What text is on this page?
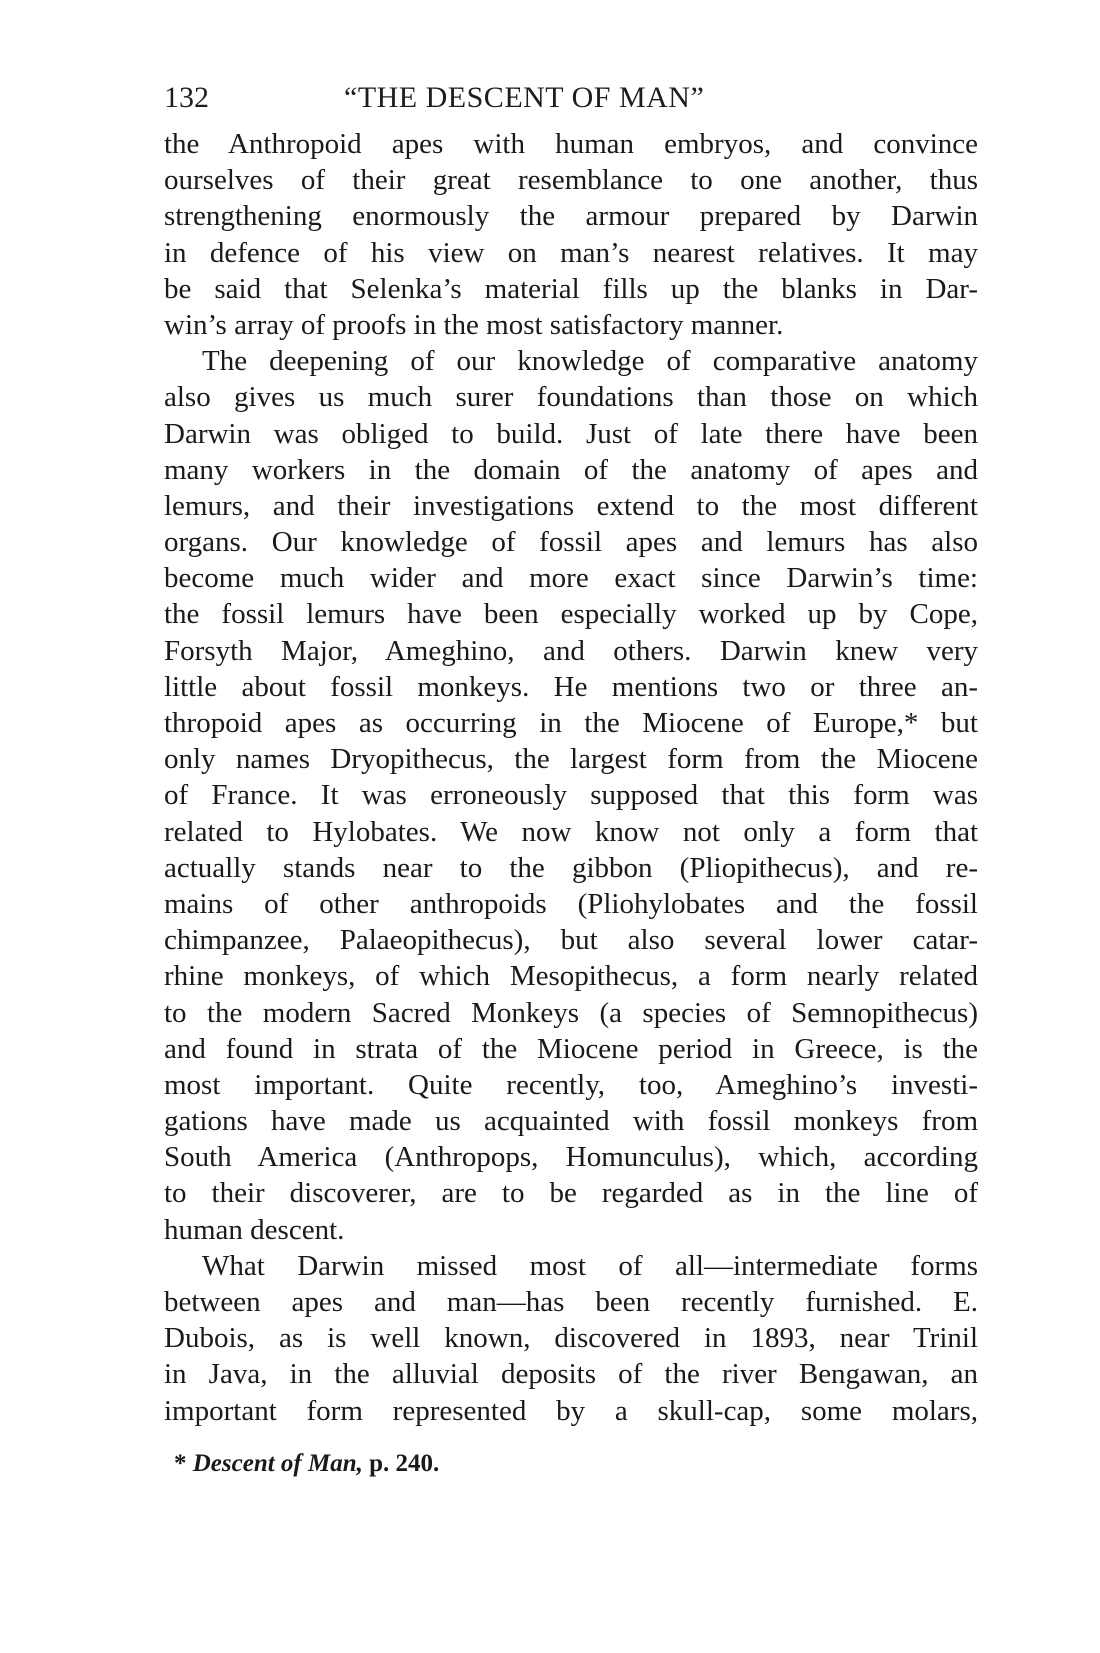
132	“THE DESCENT OF MAN”
the Anthropoid apes with human embryos, and convince
ourselves of their great resemblance to one another, thus
strengthening enormously the armour prepared by Darwin
in defence of his view on man’s nearest relatives. It may
be said that Selenka’s material fills up the blanks in Dar-
win’s array of proofs in the most satisfactory manner.
The deepening of our knowledge of comparative anatomy
also gives us much surer foundations than those on which
Darwin was obliged to build. Just of late there have been
many workers in the domain of the anatomy of apes and
lemurs, and their investigations extend to the most different
organs. Our knowledge of fossil apes and lemurs has also
become much wider and more exact since Darwin’s time:
the fossil lemurs have been especially worked up by Cope,
Forsyth Major, Ameghino, and others. Darwin knew very
little about fossil monkeys. He mentions two or three an-
thropoid apes as occurring in the Miocene of Europe,* but
only names Dryopithecus, the largest form from the Miocene
of France. It was erroneously supposed that this form was
related to Hylobates. We now know not only a form that
actually stands near to the gibbon (Pliopithecus), and re-
mains of other anthropoids (Pliohylobates and the fossil
chimpanzee, Palaeopithecus), but also several lower catar-
rhine monkeys, of which Mesopithecus, a form nearly related
to the modern Sacred Monkeys (a species of Semnopithecus)
and found in strata of the Miocene period in Greece, is the
most important. Quite recently, too, Ameghino’s investi-
gations have made us acquainted with fossil monkeys from
South America (Anthropops, Homunculus), which, according
to their discoverer, are to be regarded as in the line of
human descent.
What Darwin missed most of all—intermediate forms
between apes and man—has been recently furnished. E.
Dubois, as is well known, discovered in 1893, near Trinil
in Java, in the alluvial deposits of the river Bengawan, an
important form represented by a skull-cap, some molars,
* Descent of Man, p. 240.
